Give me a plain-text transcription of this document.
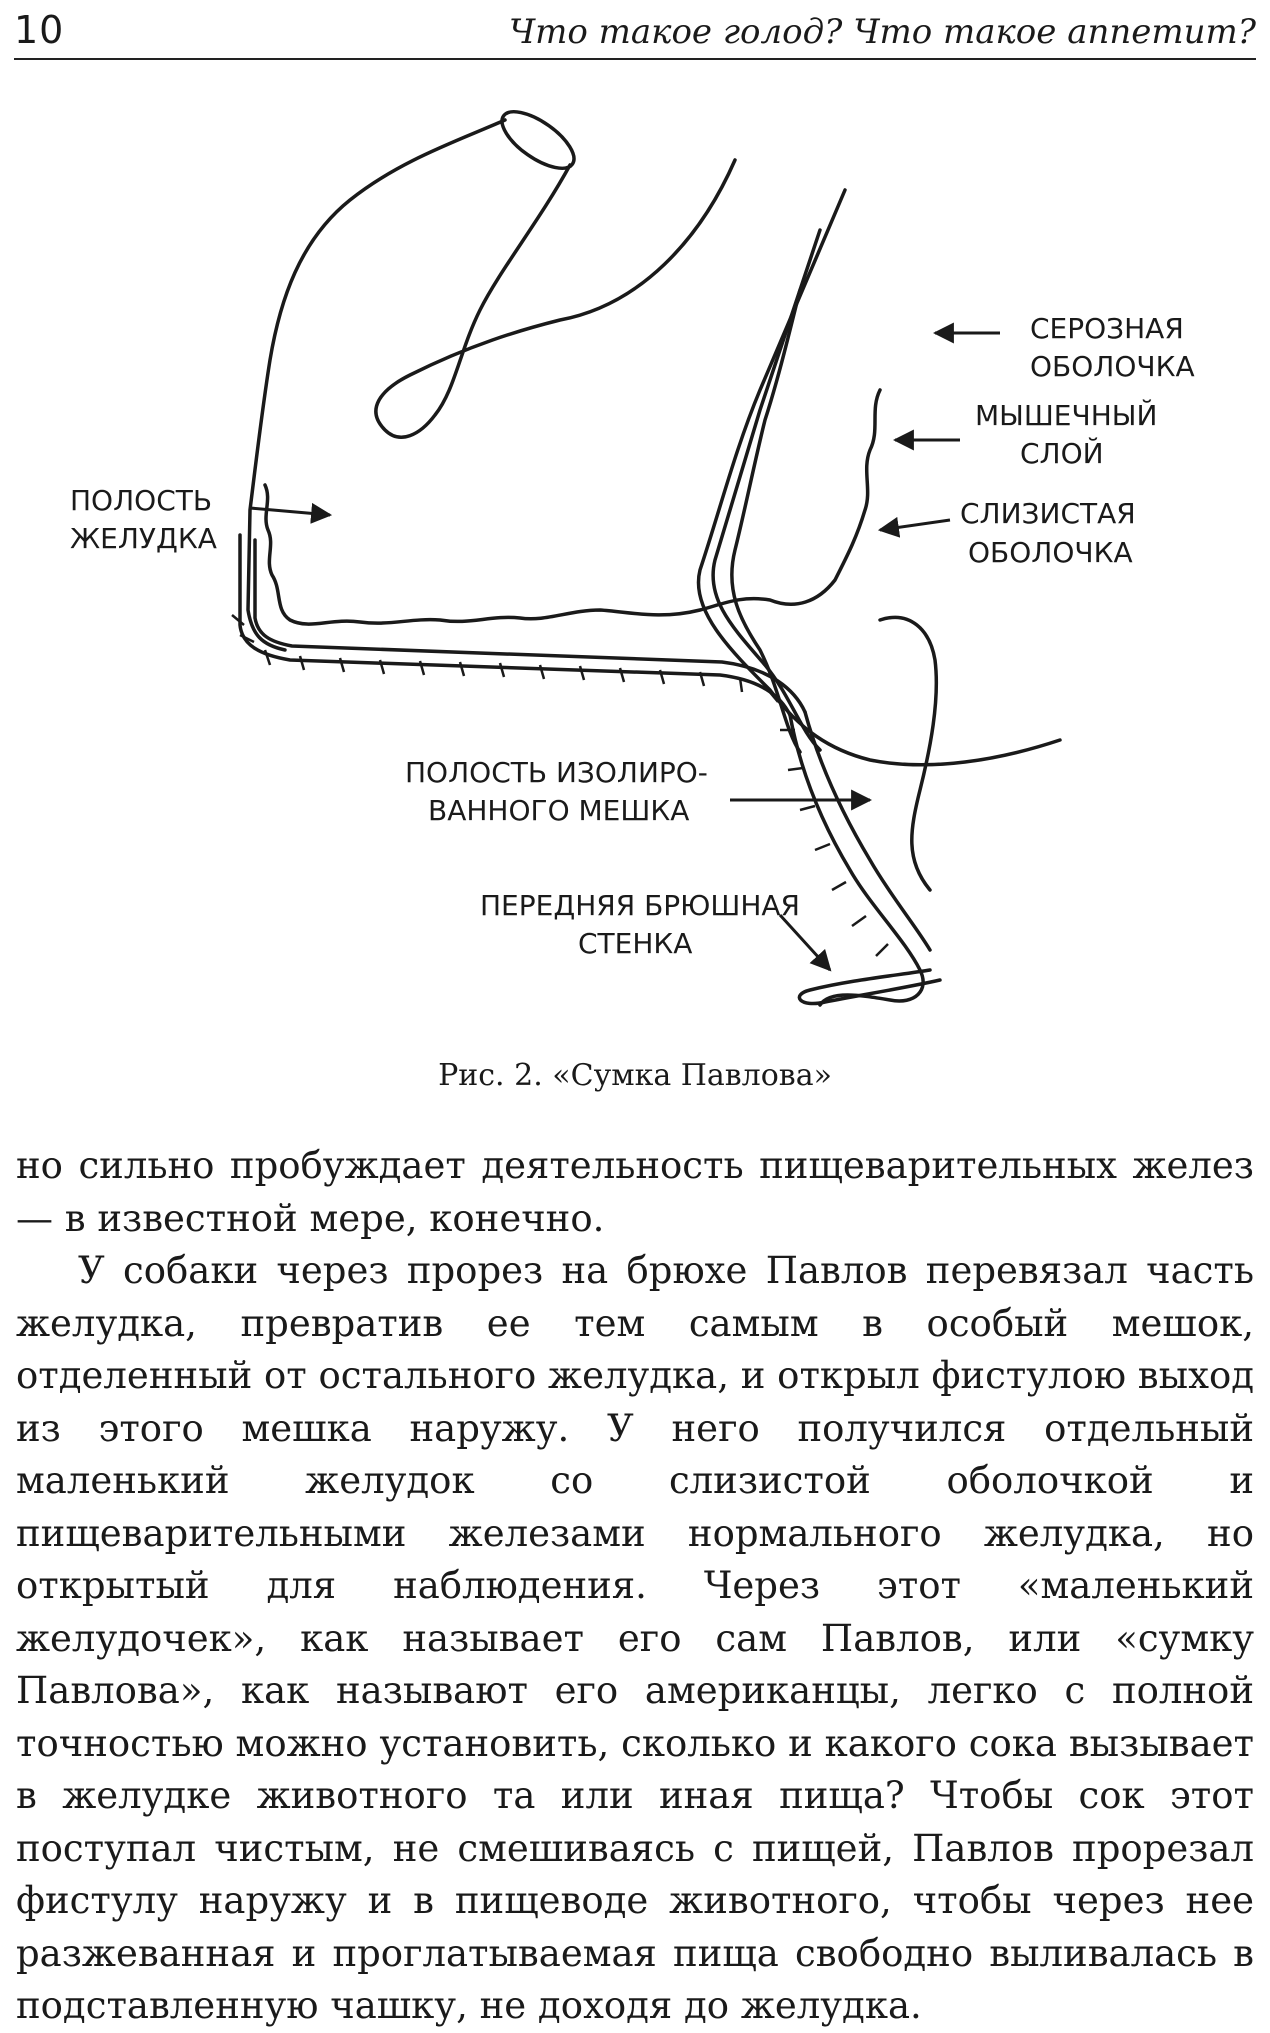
10	Что такое голод? Что такое аппетит?
ПОЛОСТЬ
ЖЕЛУДКА
СЕРОЗНАЯ
ОБОЛОЧКА
МЫШЕЧНЫЙ
СЛОЙ
СЛИЗИСТАЯ
ОБОЛОЧКА
ПОЛОСТЬ ИЗОЛИРО-
ВАННОГО МЕШКА
ПЕРЕДНЯЯ БРЮШНАЯ
СТЕНКА
Рис. 2. «Сумка Павлова»

но сильно пробуждает деятельность пищеварительных желез — в известной мере, конечно.

У собаки через прорез на брюхе Павлов перевязал часть желудка, превратив ее тем самым в особый мешок, отделенный от остального желудка, и открыл фистулою выход из этого мешка наружу. У него получился отдельный маленький желудок со слизистой оболочкой и пищеварительными железами нормального желудка, но открытый для наблюдения. Через этот «маленький желудочек», как называет его сам Павлов, или «сумку Павлова», как называют его американцы, легко с полной точностью можно установить, сколько и какого сока вызывает в желудке животного та или иная пища? Чтобы сок этот поступал чистым, не смешиваясь с пищей, Павлов прорезал фистулу наружу и в пищеводе животного, чтобы через нее разжеванная и проглатываемая пища свободно выливалась в подставленную чашку, не доходя до желудка.
